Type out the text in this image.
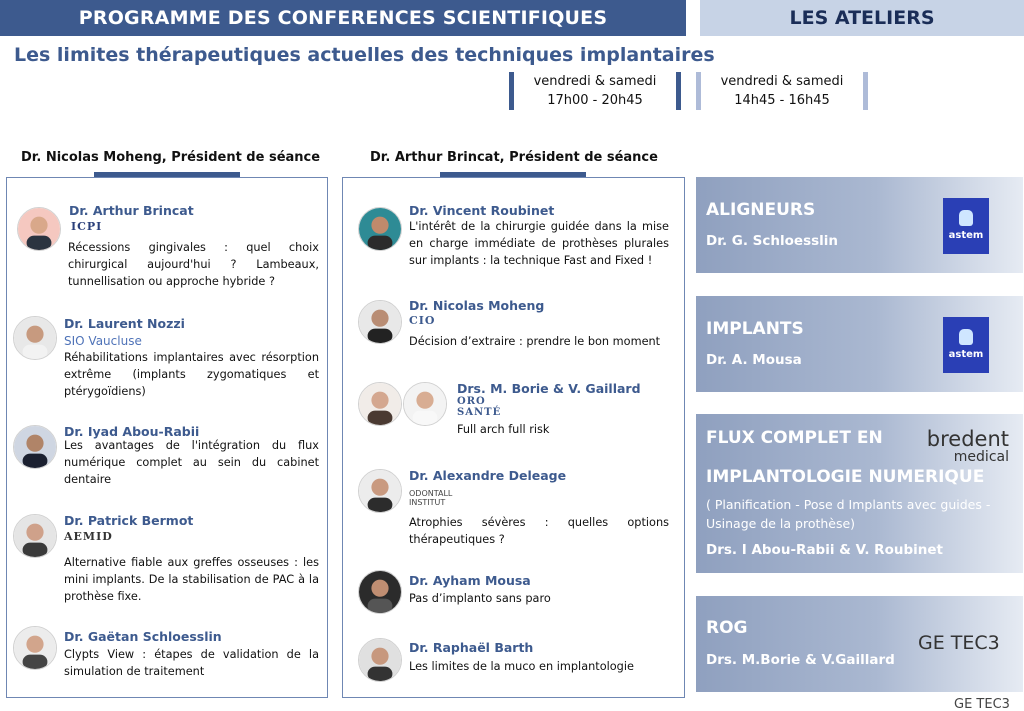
PROGRAMME DES CONFERENCES SCIENTIFIQUES	LES ATELIERS
Les limites thérapeutiques actuelles des techniques implantaires
vendredi & samedi
17h00 - 20h45
vendredi & samedi
14h45 - 16h45
Dr. Nicolas Moheng, Président de séance	Dr. Arthur Brincat, Président de séance
Dr. Arthur Brincat
ICPI
Récessions gingivales : quel choix chirurgical aujourd'hui ? Lambeaux, tunnellisation ou approche hybride ?
Dr. Laurent Nozzi
SIO Vaucluse
Réhabilitations implantaires avec résorption extrême (implants zygomatiques et ptérygoïdiens)
Dr. Iyad Abou-Rabii
Les avantages de l'intégration du flux numérique complet au sein du cabinet dentaire
Dr. Patrick Bermot
AEMID
Alternative fiable aux greffes osseuses : les mini implants. De la stabilisation de PAC à la prothèse fixe.
Dr. Gaëtan Schloesslin
Clypts View : étapes de validation de la simulation de traitement
Dr. Vincent Roubinet
L'intérêt de la chirurgie guidée dans la mise en charge immédiate de prothèses plurales sur implants : la technique Fast and Fixed !
Dr. Nicolas Moheng
CIO
Décision d’extraire : prendre le bon moment
Drs. M. Borie & V. Gaillard
ORO SANTÉ
Full arch full risk
Dr. Alexandre Deleage
ODONTALL INSTITUT
Atrophies sévères : quelles options thérapeutiques ?
Dr. Ayham Mousa
Pas d’implanto sans paro
Dr. Raphaël Barth
Les limites de la muco en implantologie
ALIGNEURS
Dr. G. Schloesslin	astem
IMPLANTS
Dr. A. Mousa	astem
FLUX COMPLET EN
IMPLANTOLOGIE NUMERIQUE
( Planification - Pose d Implants avec guides - Usinage de la prothèse)
Drs. I Abou-Rabii & V. Roubinet
bredent
medical
ROG
Drs. M.Borie & V.Gaillard
GE TEC3
GE TEC3
